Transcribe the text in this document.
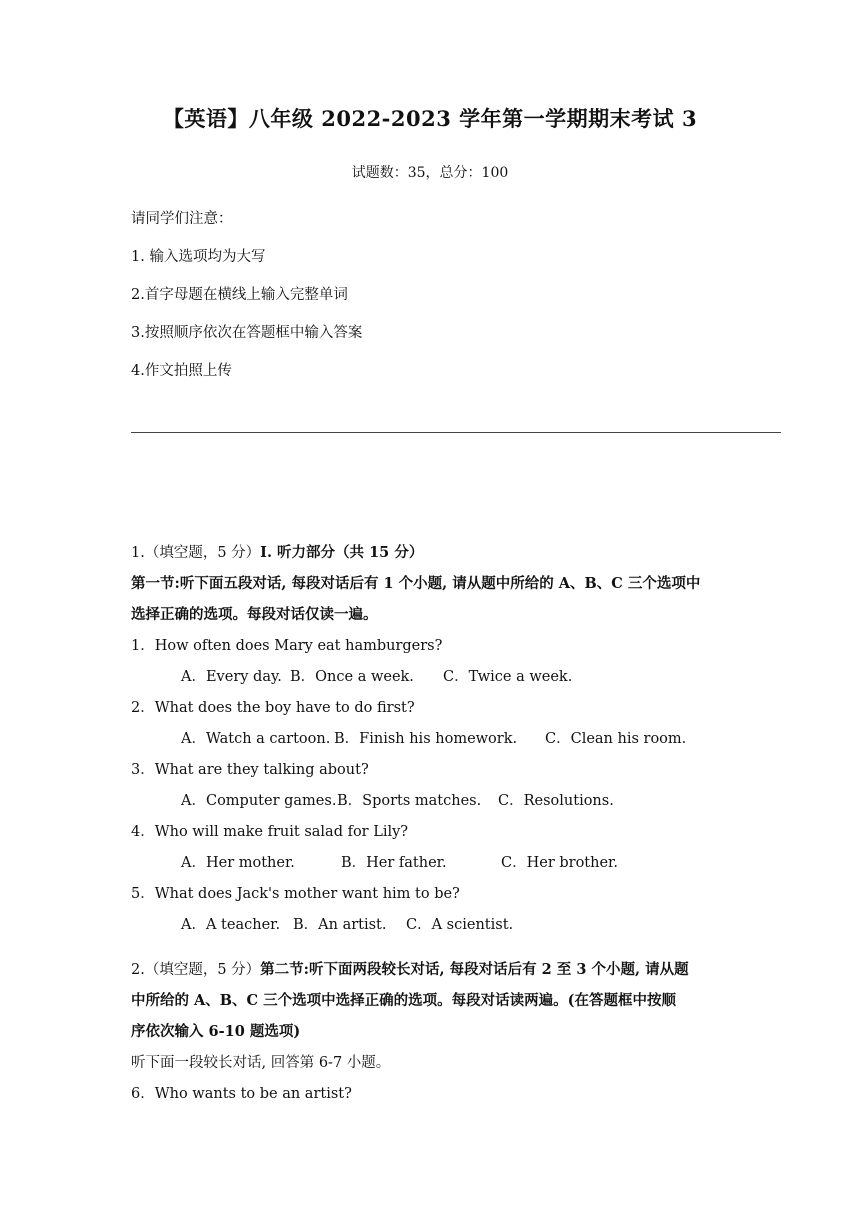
【英语】八年级 2022-2023 学年第一学期期末考试 3
试题数：35，总分：100
请同学们注意：
1. 输入选项均为大写
2.首字母题在横线上输入完整单词
3.按照顺序依次在答题框中输入答案
4.作文拍照上传
1.（填空题，5 分）I. 听力部分（共 15 分）
第一节:听下面五段对话, 每段对话后有 1 个小题, 请从题中所给的 A、B、C 三个选项中
选择正确的选项。每段对话仅读一遍。
1．How often does Mary eat hamburgers?
A．Every day. B．Once a week. C．Twice a week.
2．What does the boy have to do first?
A．Watch a cartoon. B．Finish his homework. C．Clean his room.
3．What are they talking about?
A．Computer games. B．Sports matches. C．Resolutions.
4．Who will make fruit salad for Lily?
A．Her mother.	B．Her father.	C．Her brother.
5．What does Jack's mother want him to be?
A．A teacher. B．An artist. C．A scientist.
2.（填空题，5 分）第二节:听下面两段较长对话, 每段对话后有 2 至 3 个小题, 请从题
中所给的 A、B、C 三个选项中选择正确的选项。每段对话读两遍。(在答题框中按顺
序依次输入 6-10 题选项)
听下面一段较长对话, 回答第 6-7 小题。
6．Who wants to be an artist?
